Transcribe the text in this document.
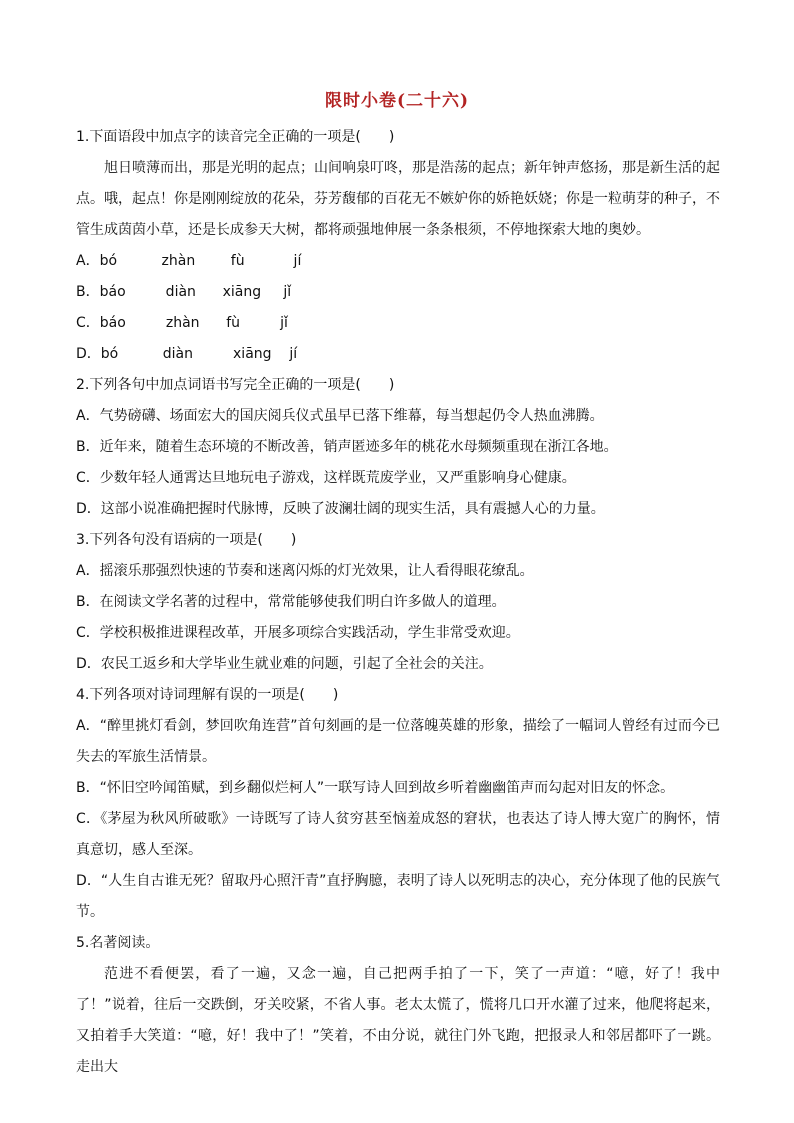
限时小卷(二十六)
1.下面语段中加点字的读音完全正确的一项是(　　)
旭日喷薄而出，那是光明的起点；山间响泉叮咚，那是浩荡的起点；新年钟声悠扬，那是新生活的起点。哦，起点！你是刚刚绽放的花朵，芬芳馥郁的百花无不嫉妒你的娇艳妖娆；你是一粒萌芽的种子，不管生成茵茵小草，还是长成参天大树，都将顽强地伸展一条条根须，不停地探索大地的奥妙。
A．bó          zhàn        fù           jí
B．báo         diàn      xiāng     jǐ
C．báo         zhàn      fù         jǐ
D．bó          diàn         xiāng    jí
2.下列各句中加点词语书写完全正确的一项是(　　)
A．气势磅礴、场面宏大的国庆阅兵仪式虽早已落下维幕，每当想起仍令人热血沸腾。
B．近年来，随着生态环境的不断改善，销声匿迹多年的桃花水母频频重现在浙江各地。
C．少数年轻人通霄达旦地玩电子游戏，这样既荒废学业，又严重影响身心健康。
D．这部小说准确把握时代脉博，反映了波澜壮阔的现实生活，具有震撼人心的力量。
3.下列各句没有语病的一项是(　　)
A．摇滚乐那强烈快速的节奏和迷离闪烁的灯光效果，让人看得眼花缭乱。
B．在阅读文学名著的过程中，常常能够使我们明白许多做人的道理。
C．学校积极推进课程改革，开展多项综合实践活动，学生非常受欢迎。
D．农民工返乡和大学毕业生就业难的问题，引起了全社会的关注。
4.下列各项对诗词理解有误的一项是(　　)
A．“醉里挑灯看剑，梦回吹角连营”首句刻画的是一位落魄英雄的形象，描绘了一幅词人曾经有过而今已失去的军旅生活情景。
B．“怀旧空吟闻笛赋，到乡翻似烂柯人”一联写诗人回到故乡听着幽幽笛声而勾起对旧友的怀念。
C．《茅屋为秋风所破歌》一诗既写了诗人贫穷甚至恼羞成怒的窘状，也表达了诗人博大宽广的胸怀，情真意切，感人至深。
D．“人生自古谁无死？留取丹心照汗青”直抒胸臆，表明了诗人以死明志的决心，充分体现了他的民族气节。
5.名著阅读。
范进不看便罢，看了一遍，又念一遍，自己把两手拍了一下，笑了一声道：“噫，好了！我中了！”说着，往后一交跌倒，牙关咬紧，不省人事。老太太慌了，慌将几口开水灌了过来，他爬将起来，又拍着手大笑道：“噫，好！我中了！”笑着，不由分说，就往门外飞跑，把报录人和邻居都吓了一跳。走出大
